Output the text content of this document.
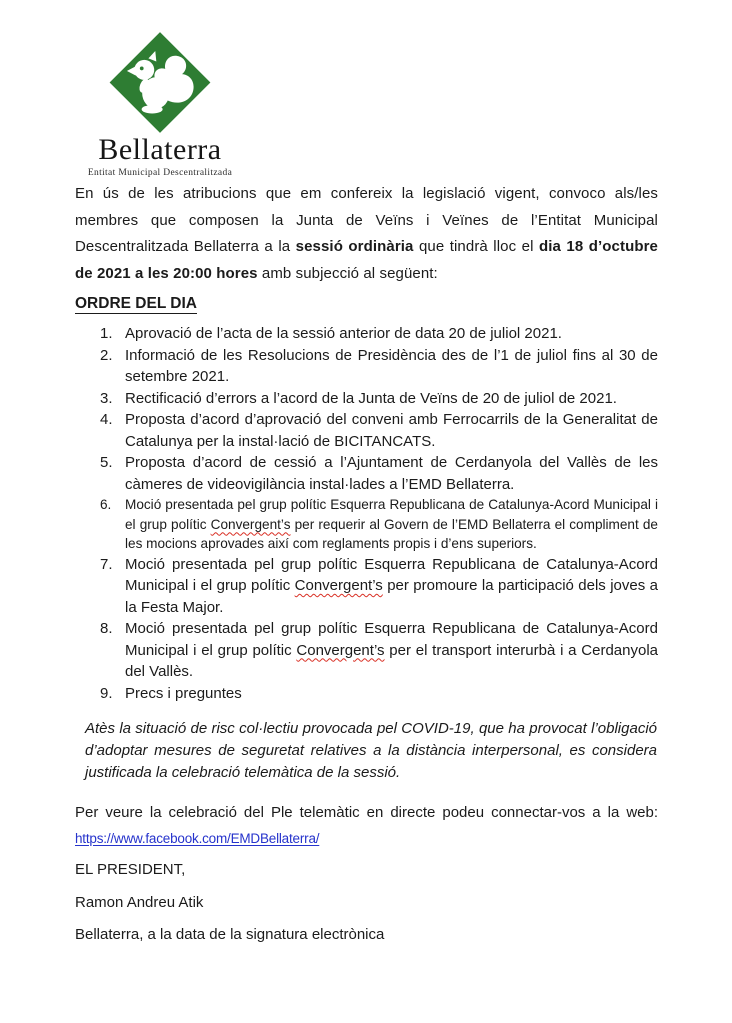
Bellaterra
Entitat Municipal Descentralitzada

En ús de les atribucions que em confereix la legislació vigent, convoco als/les membres que composen la Junta de Veïns i Veïnes de l’Entitat Municipal Descentralitzada Bellaterra a la sessió ordinària que tindrà lloc el dia 18 d’octubre de 2021 a les 20:00 hores amb subjecció al següent:

ORDRE DEL DIA
1. Aprovació de l’acta de la sessió anterior de data 20 de juliol 2021.
2. Informació de les Resolucions de Presidència des de l’1 de juliol fins al 30 de setembre 2021.
3. Rectificació d’errors a l’acord de la Junta de Veïns de 20 de juliol de 2021.
4. Proposta d’acord d’aprovació del conveni amb Ferrocarrils de la Generalitat de Catalunya per la instal·lació de BICITANCATS.
5. Proposta d’acord de cessió a l’Ajuntament de Cerdanyola del Vallès de les càmeres de videovigilància instal·lades a l’EMD Bellaterra.
6. Moció presentada pel grup polític Esquerra Republicana de Catalunya-Acord Municipal i el grup polític Convergent’s per requerir al Govern de l’EMD Bellaterra el compliment de les mocions aprovades així com reglaments propis i d’ens superiors.
7. Moció presentada pel grup polític Esquerra Republicana de Catalunya-Acord Municipal i el grup polític Convergent’s per promoure la participació dels joves a la Festa Major.
8. Moció presentada pel grup polític Esquerra Republicana de Catalunya-Acord Municipal i el grup polític Convergent’s per el transport interurbà i a Cerdanyola del Vallès.
9. Precs i preguntes

Atès la situació de risc col·lectiu provocada pel COVID-19, que ha provocat l’obligació d’adoptar mesures de seguretat relatives a la distància interpersonal, es considera justificada la celebració telemàtica de la sessió.

Per veure la celebració del Ple telemàtic en directe podeu connectar-vos a la web: https://www.facebook.com/EMDBellaterra/

EL PRESIDENT,

Ramon Andreu Atik

Bellaterra, a la data de la signatura electrònica
